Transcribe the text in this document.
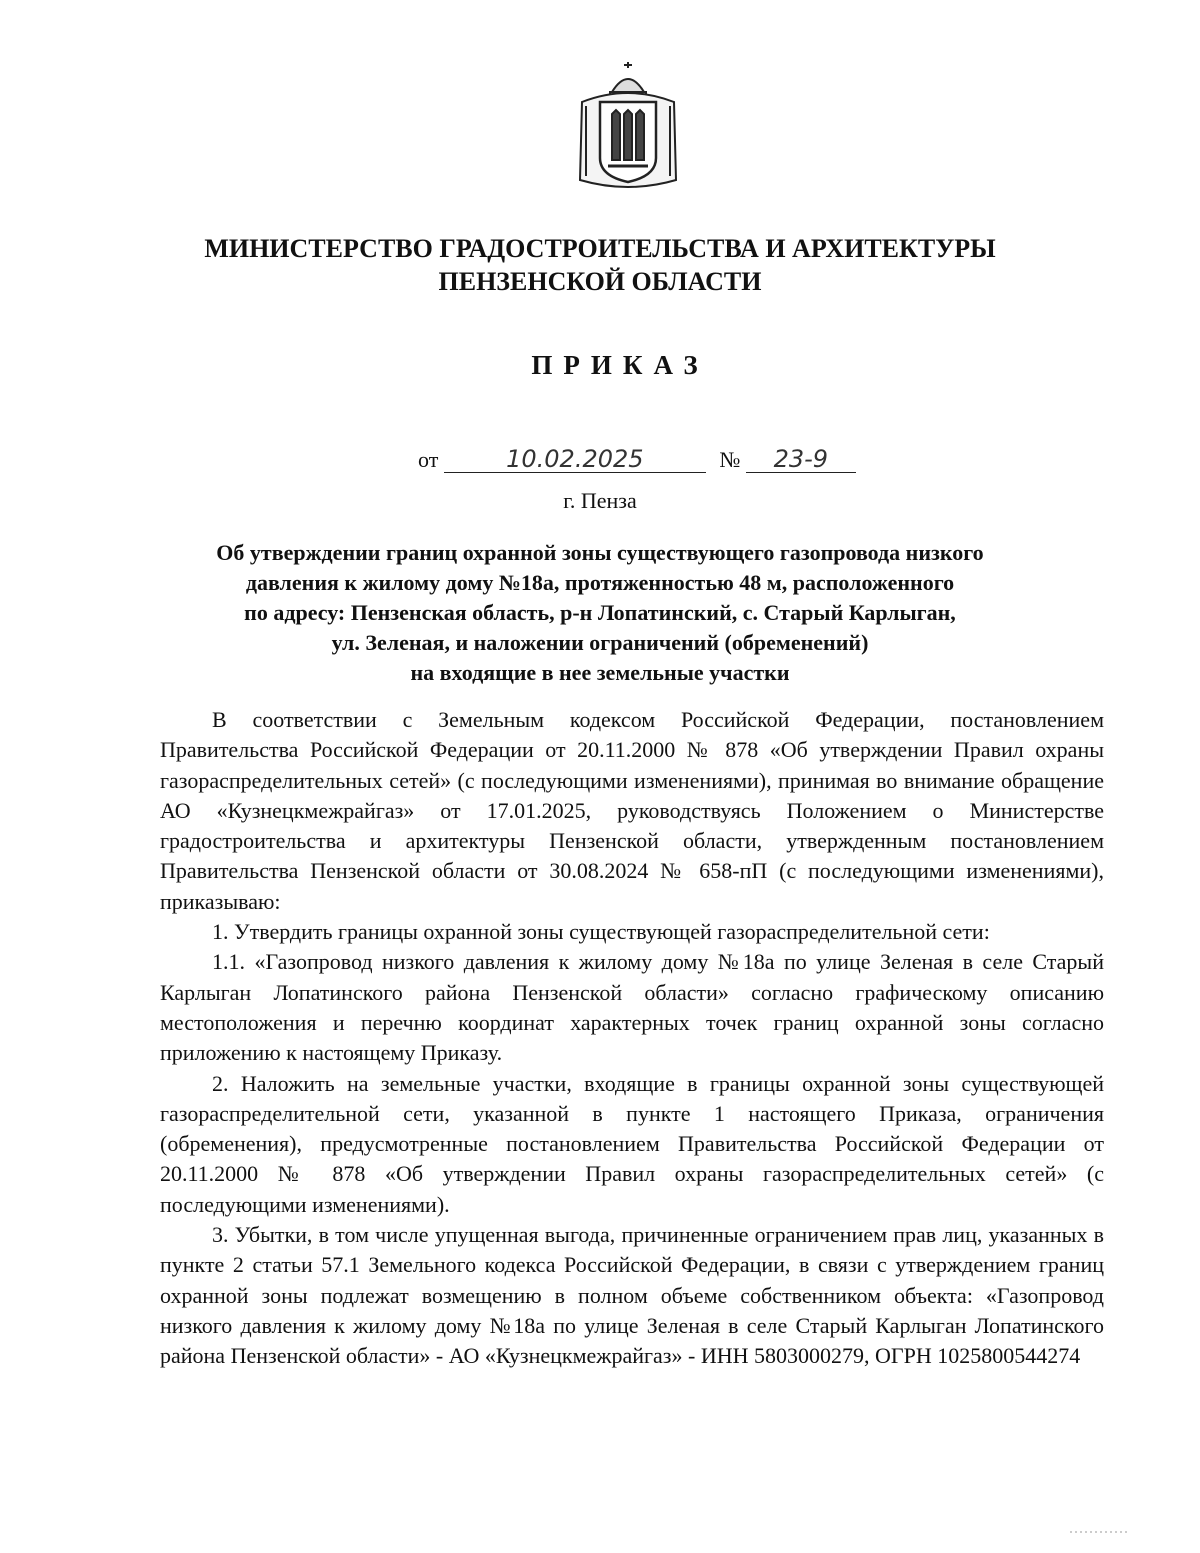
МИНИСТЕРСТВО ГРАДОСТРОИТЕЛЬСТВА И АРХИТЕКТУРЫ
ПЕНЗЕНСКОЙ ОБЛАСТИ
ПРИКАЗ
от	10.02.2025	№ 23-9
г. Пенза
Об утверждении границ охранной зоны существующего газопровода низкого
давления к жилому дому №18а, протяженностью 48 м, расположенного
по адресу: Пензенская область, р-н Лопатинский, с. Старый Карлыган,
ул. Зеленая, и наложении ограничений (обременений)
на входящие в нее земельные участки

В соответствии с Земельным кодексом Российской Федерации, постановлением Правительства Российской Федерации от 20.11.2000 № 878 «Об утверждении Правил охраны газораспределительных сетей» (с последующими изменениями), принимая во внимание обращение АО «Кузнецкмежрайгаз» от 17.01.2025, руководствуясь Положением о Министерстве градостроительства и архитектуры Пензенской области, утвержденным постановлением Правительства Пензенской области от 30.08.2024 № 658-пП (с последующими изменениями), приказываю:

1. Утвердить границы охранной зоны существующей газораспределительной сети:

1.1. «Газопровод низкого давления к жилому дому №18а по улице Зеленая в селе Старый Карлыган Лопатинского района Пензенской области» согласно графическому описанию местоположения и перечню координат характерных точек границ охранной зоны согласно приложению к настоящему Приказу.

2. Наложить на земельные участки, входящие в границы охранной зоны существующей газораспределительной сети, указанной в пункте 1 настоящего Приказа, ограничения (обременения), предусмотренные постановлением Правительства Российской Федерации от 20.11.2000 № 878 «Об утверждении Правил охраны газораспределительных сетей» (с последующими изменениями).

3. Убытки, в том числе упущенная выгода, причиненные ограничением прав лиц, указанных в пункте 2 статьи 57.1 Земельного кодекса Российской Федерации, в связи с утверждением границ охранной зоны подлежат возмещению в полном объеме собственником объекта: «Газопровод низкого давления к жилому дому №18а по улице Зеленая в селе Старый Карлыган Лопатинского района Пензенской области» - АО «Кузнецкмежрайгаз» - ИНН 5803000279, ОГРН 1025800544274
